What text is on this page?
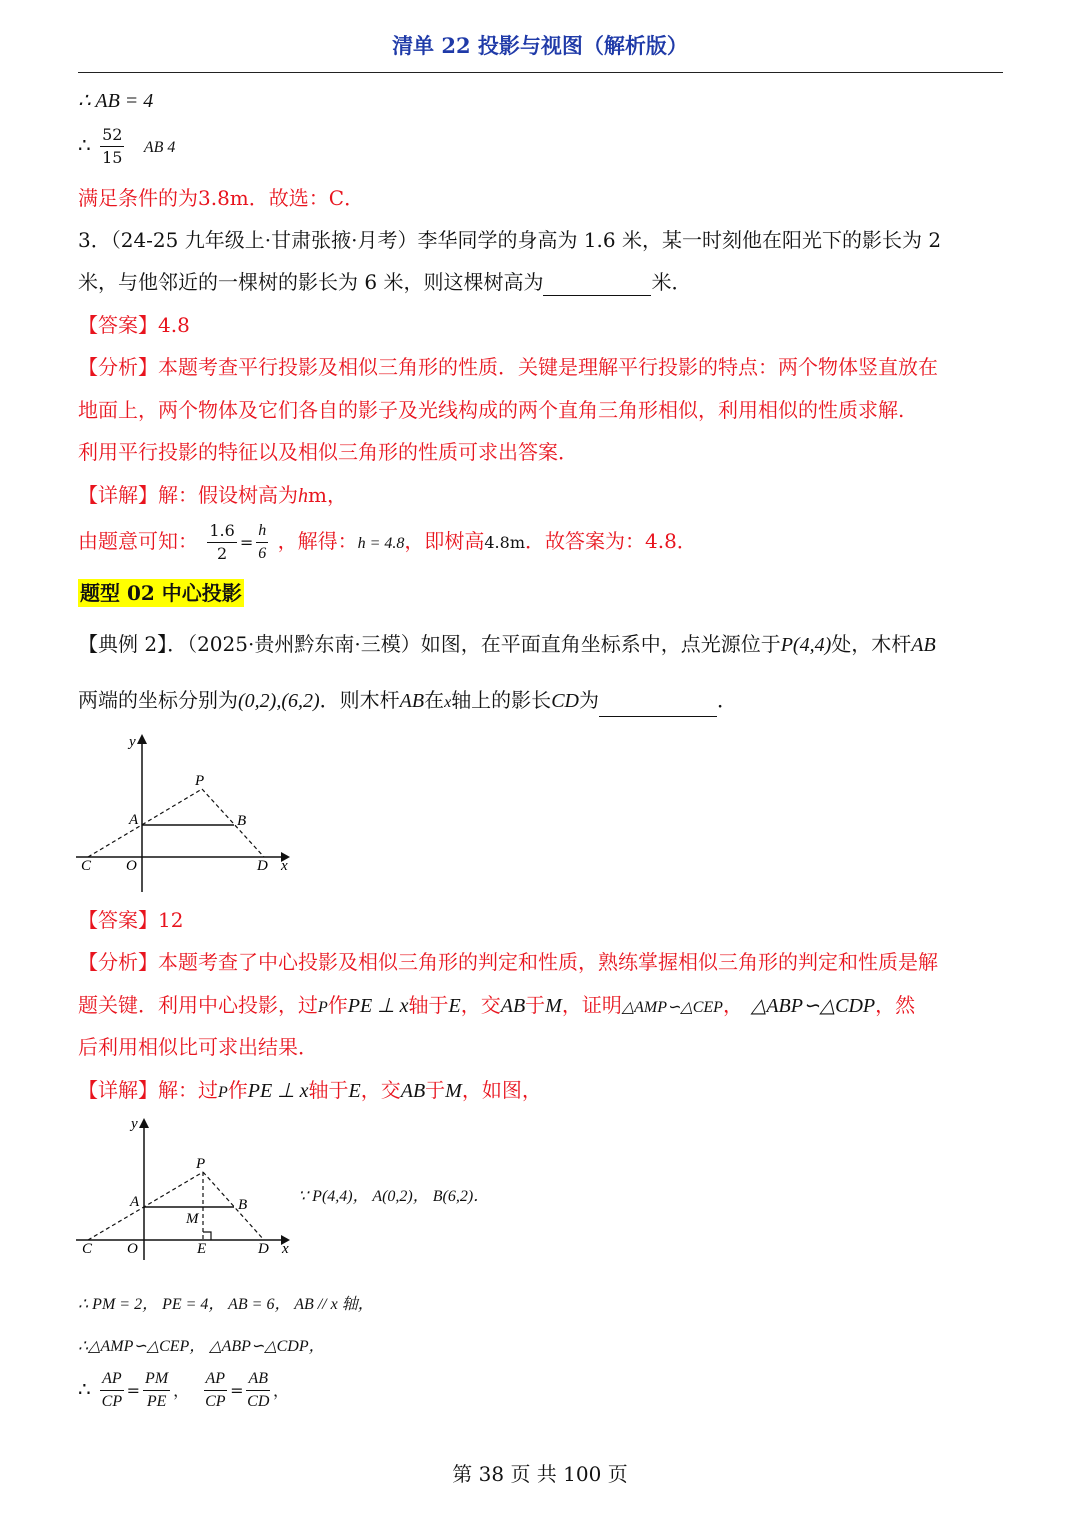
清单 22 投影与视图（解析版）
∴ AB = 4
∴ $\frac{52}{15}$ AB 4
满足条件的为3.8m．故选：C．
3．（24-25 九年级上·甘肃张掖·月考）李华同学的身高为 1.6 米，某一时刻他在阳光下的影长为 2
米，与他邻近的一棵树的影长为 6 米，则这棵树高为	米．
【答案】4.8
【分析】本题考查平行投影及相似三角形的性质．关键是理解平行投影的特点：两个物体竖直放在
地面上，两个物体及它们各自的影子及光线构成的两个直角三角形相似，利用相似的性质求解.
利用平行投影的特征以及相似三角形的性质可求出答案．
【详解】解：假设树高为hm，
由题意可知： $\frac{1.6}{2} = \frac{h}{6}$ ，解得：h = 4.8，即树高4.8m．故答案为：4.8．
题型 02 中心投影
【典例 2】．（2025·贵州黔东南·三模）如图，在平面直角坐标系中，点光源位于P(4,4)处，木杆AB
两端的坐标分别为(0,2),(6,2)．则木杆AB在x轴上的影长CD为	．
y
x
P
A	B
C O	D
【答案】12
【分析】本题考查了中心投影及相似三角形的判定和性质，熟练掌握相似三角形的判定和性质是解
题关键．利用中心投影，过P作PE ⊥ x轴于E，交AB于M，证明△AMP∽△CEP， △ABP∽△CDP，然
后利用相似比可求出结果．
【详解】解：过P作PE ⊥ x轴于E，交AB于M，如图，
y
x
P
A	B
C O	D
M
E
∵ P(4,4)， A(0,2)， B(6,2)．
∴ PM = 2， PE = 4， AB = 6， AB // x 轴，
∴△AMP∽△CEP， △ABP∽△CDP，
∴ $\frac{AP}{CP} = \frac{PM}{PE}$ ， $\frac{AP}{CP} = \frac{AB}{CD}$ ，
第 38 页 共 100 页
